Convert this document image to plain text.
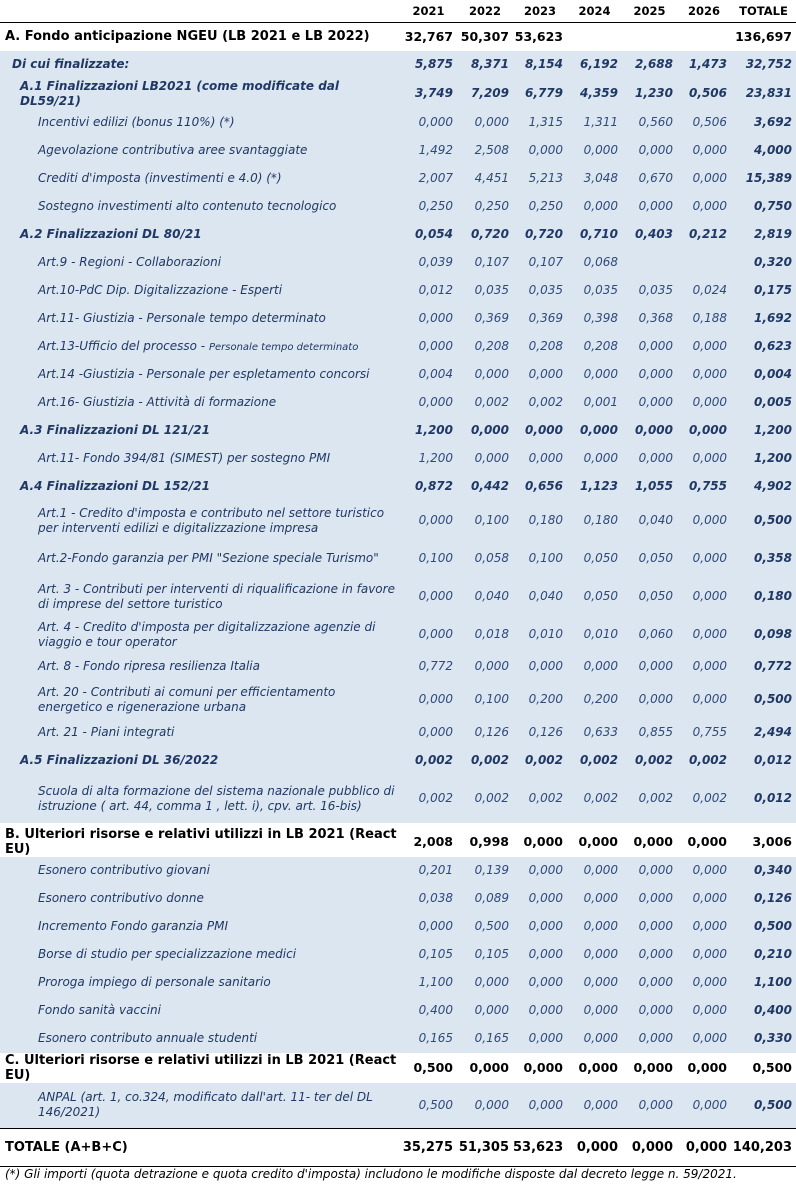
	2021	2022	2023	2024	2025	2026	TOTALE
A. Fondo anticipazione NGEU (LB 2021 e LB 2022)	32,767	50,307	53,623				136,697
Di cui finalizzate:	5,875	8,371	8,154	6,192	2,688	1,473	32,752
A.1 Finalizzazioni LB2021 (come modificate dal DL59/21)	3,749	7,209	6,779	4,359	1,230	0,506	23,831
Incentivi edilizi (bonus 110%) (*)	0,000	0,000	1,315	1,311	0,560	0,506	3,692
Agevolazione contributiva aree svantaggiate	1,492	2,508	0,000	0,000	0,000	0,000	4,000
Crediti d'imposta (investimenti e 4.0) (*)	2,007	4,451	5,213	3,048	0,670	0,000	15,389
Sostegno investimenti alto contenuto tecnologico	0,250	0,250	0,250	0,000	0,000	0,000	0,750
A.2 Finalizzazioni DL 80/21	0,054	0,720	0,720	0,710	0,403	0,212	2,819
Art.9 - Regioni - Collaborazioni	0,039	0,107	0,107	0,068			0,320
Art.10-PdC Dip. Digitalizzazione - Esperti	0,012	0,035	0,035	0,035	0,035	0,024	0,175
Art.11- Giustizia - Personale tempo determinato	0,000	0,369	0,369	0,398	0,368	0,188	1,692
Art.13-Ufficio del processo - Personale tempo determinato	0,000	0,208	0,208	0,208	0,000	0,000	0,623
Art.14 -Giustizia - Personale per espletamento concorsi	0,004	0,000	0,000	0,000	0,000	0,000	0,004
Art.16- Giustizia - Attività di formazione	0,000	0,002	0,002	0,001	0,000	0,000	0,005
A.3 Finalizzazioni DL 121/21	1,200	0,000	0,000	0,000	0,000	0,000	1,200
Art.11- Fondo 394/81 (SIMEST) per sostegno PMI	1,200	0,000	0,000	0,000	0,000	0,000	1,200
A.4 Finalizzazioni DL 152/21	0,872	0,442	0,656	1,123	1,055	0,755	4,902
Art.1 - Credito d'imposta e contributo nel settore turistico per interventi edilizi e digitalizzazione impresa	0,000	0,100	0,180	0,180	0,040	0,000	0,500
Art.2-Fondo garanzia per PMI "Sezione speciale Turismo"	0,100	0,058	0,100	0,050	0,050	0,000	0,358
Art. 3 - Contributi per interventi di riqualificazione in favore di imprese del settore turistico	0,000	0,040	0,040	0,050	0,050	0,000	0,180
Art. 4 - Credito d'imposta per digitalizzazione agenzie di viaggio e tour operator	0,000	0,018	0,010	0,010	0,060	0,000	0,098
Art. 8 - Fondo ripresa resilienza Italia	0,772	0,000	0,000	0,000	0,000	0,000	0,772
Art. 20 - Contributi ai comuni per efficientamento energetico e rigenerazione urbana	0,000	0,100	0,200	0,200	0,000	0,000	0,500
Art. 21 - Piani integrati	0,000	0,126	0,126	0,633	0,855	0,755	2,494
A.5 Finalizzazioni DL 36/2022	0,002	0,002	0,002	0,002	0,002	0,002	0,012
Scuola di alta formazione del sistema nazionale pubblico di istruzione ( art. 44, comma 1 , lett. i), cpv. art. 16-bis)	0,002	0,002	0,002	0,002	0,002	0,002	0,012

B. Ulteriori risorse e relativi utilizzi in LB 2021 (React EU)	2,008	0,998	0,000	0,000	0,000	0,000	3,006
Esonero contributivo giovani	0,201	0,139	0,000	0,000	0,000	0,000	0,340
Esonero contributivo donne	0,038	0,089	0,000	0,000	0,000	0,000	0,126
Incremento Fondo garanzia PMI	0,000	0,500	0,000	0,000	0,000	0,000	0,500
Borse di studio per specializzazione medici	0,105	0,105	0,000	0,000	0,000	0,000	0,210
Proroga impiego di personale sanitario	1,100	0,000	0,000	0,000	0,000	0,000	1,100
Fondo sanità vaccini	0,400	0,000	0,000	0,000	0,000	0,000	0,400
Esonero contributo annuale studenti	0,165	0,165	0,000	0,000	0,000	0,000	0,330
C. Ulteriori risorse e relativi utilizzi in LB 2021 (React EU)	0,500	0,000	0,000	0,000	0,000	0,000	0,500
ANPAL (art. 1, co.324, modificato dall'art. 11- ter del DL 146/2021)	0,500	0,000	0,000	0,000	0,000	0,000	0,500
TOTALE (A+B+C)	35,275	51,305	53,623	0,000	0,000	0,000	140,203
(*) Gli importi (quota detrazione e quota credito d'imposta) includono le modifiche disposte dal decreto legge n. 59/2021.
